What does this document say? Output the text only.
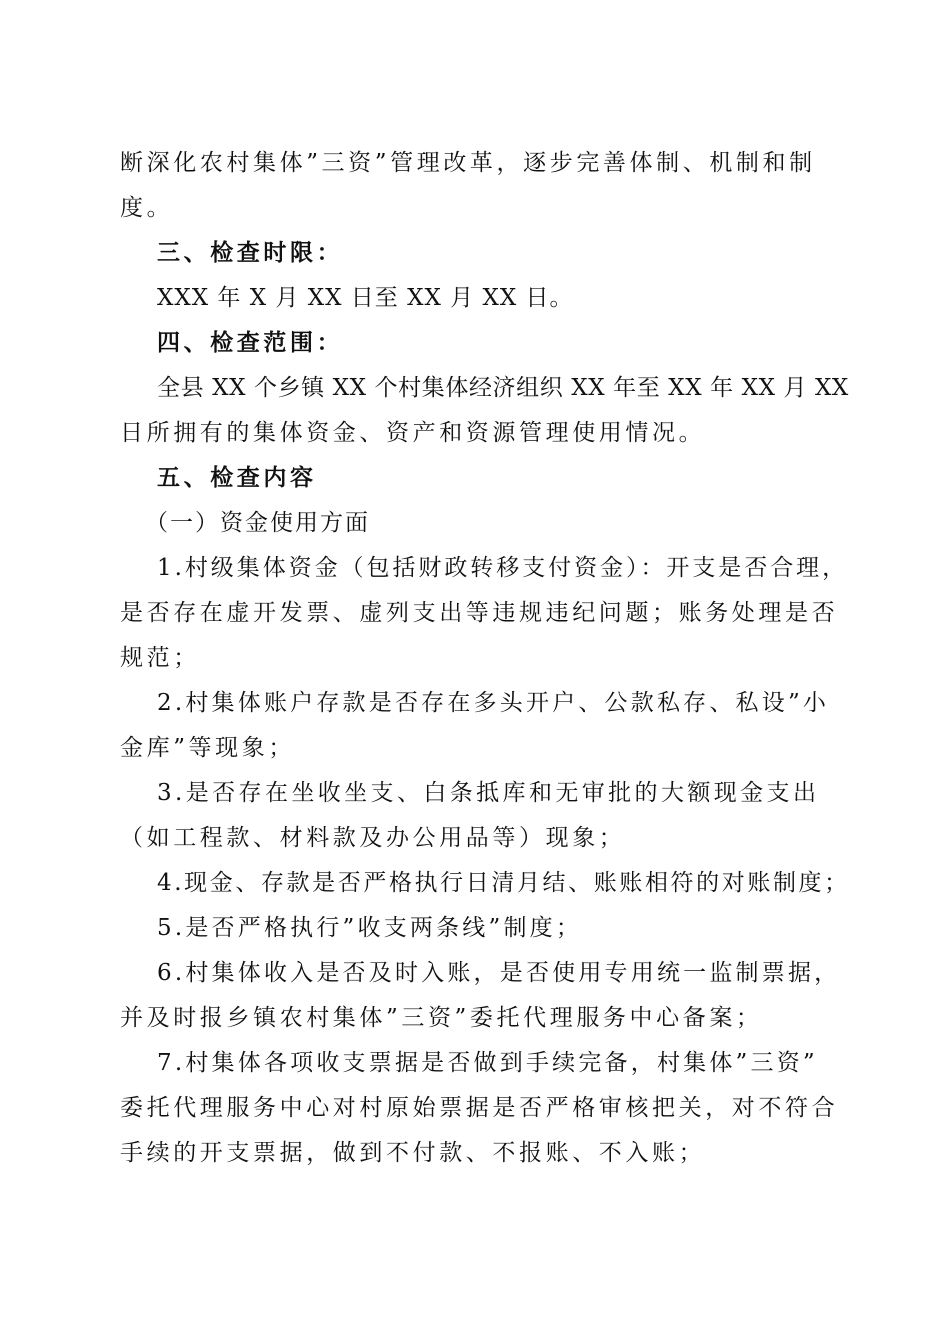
断深化农村集体”三资”管理改革，逐步完善体制、机制和制
度。
三、检查时限：
XXX 年 X 月 XX 日至 XX 月 XX 日。
四、检查范围：
全县 XX 个乡镇 XX 个村集体经济组织 XX 年至 XX 年 XX 月 XX
日所拥有的集体资金、资产和资源管理使用情况。
五、检查内容
（一）资金使用方面
1.村级集体资金（包括财政转移支付资金）：开支是否合理，
是否存在虚开发票、虚列支出等违规违纪问题；账务处理是否
规范；
2.村集体账户存款是否存在多头开户、公款私存、私设”小
金库”等现象；
3.是否存在坐收坐支、白条抵库和无审批的大额现金支出
（如工程款、材料款及办公用品等）现象；
4.现金、存款是否严格执行日清月结、账账相符的对账制度；
5.是否严格执行”收支两条线”制度；
6.村集体收入是否及时入账，是否使用专用统一监制票据，
并及时报乡镇农村集体”三资”委托代理服务中心备案；
7.村集体各项收支票据是否做到手续完备，村集体”三资”
委托代理服务中心对村原始票据是否严格审核把关，对不符合
手续的开支票据，做到不付款、不报账、不入账；
